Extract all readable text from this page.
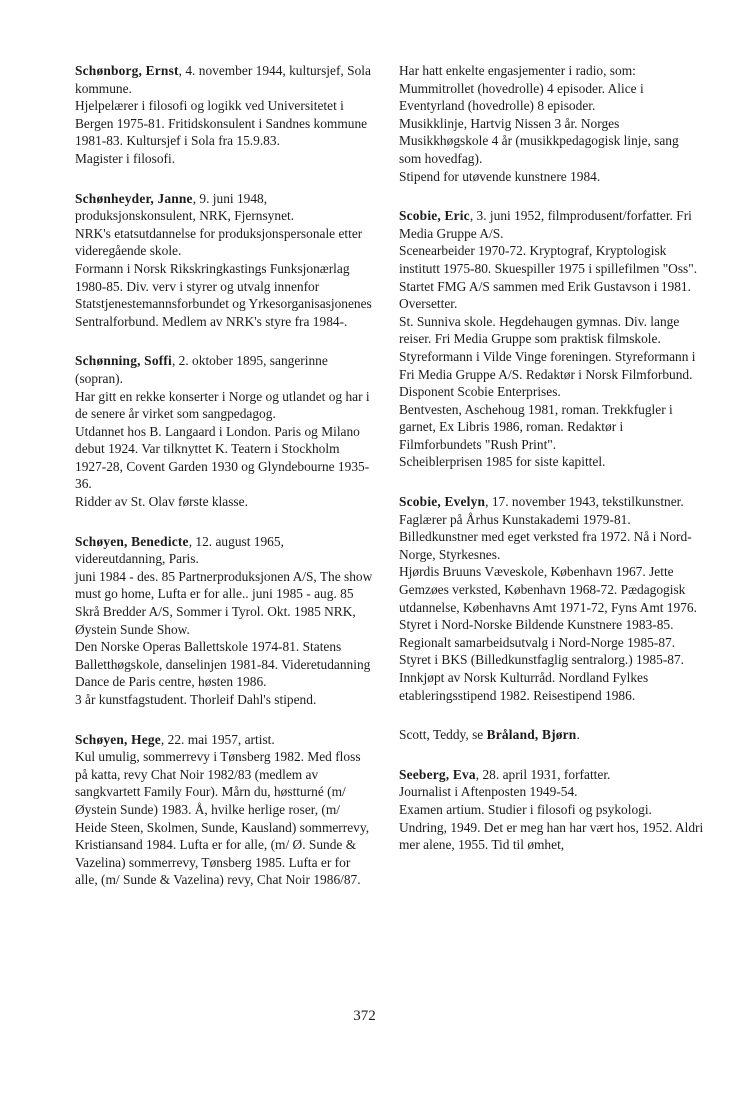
Schønborg, Ernst, 4. november 1944, kultursjef, Sola kommune.

Hjelpelærer i filosofi og logikk ved Universitetet i Bergen 1975-81. Fritidskonsulent i Sandnes kommune 1981-83. Kultursjef i Sola fra 15.9.83.

Magister i filosofi.

Schønheyder, Janne, 9. juni 1948, produksjonskonsulent, NRK, Fjernsynet.

NRK's etatsutdannelse for produksjonspersonale etter videregående skole.

Formann i Norsk Rikskringkastings Funksjonærlag 1980-85. Div. verv i styrer og utvalg innenfor Statstjenestemannsforbundet og Yrkesorganisasjonenes Sentralforbund. Medlem av NRK's styre fra 1984-.

Schønning, Soffi, 2. oktober 1895, sangerinne (sopran).

Har gitt en rekke konserter i Norge og utlandet og har i de senere år virket som sangpedagog.

Utdannet hos B. Langaard i London. Paris og Milano debut 1924. Var tilknyttet K. Teatern i Stockholm 1927-28, Covent Garden 1930 og Glyndebourne 1935-36.

Ridder av St. Olav første klasse.

Schøyen, Benedicte, 12. august 1965, videreutdanning, Paris.

juni 1984 - des. 85 Partnerproduksjonen A/S, The show must go home, Lufta er for alle.. juni 1985 - aug. 85 Skrå Bredder A/S, Sommer i Tyrol. Okt. 1985 NRK, Øystein Sunde Show.

Den Norske Operas Ballettskole 1974-81. Statens Balletthøgskole, danselinjen 1981-84. Videretudanning Dance de Paris centre, høsten 1986.

3 år kunstfagstudent. Thorleif Dahl's stipend.

Schøyen, Hege, 22. mai 1957, artist.

Kul umulig, sommerrevy i Tønsberg 1982. Med floss på katta, revy Chat Noir 1982/83 (medlem av sangkvartett Family Four). Mårn du, høstturné (m/ Øystein Sunde) 1983. Å, hvilke herlige roser, (m/ Heide Steen, Skolmen, Sunde, Kausland) sommerrevy, Kristiansand 1984. Lufta er for alle, (m/ Ø. Sunde & Vazelina) sommerrevy, Tønsberg 1985. Lufta er for alle, (m/ Sunde & Vazelina) revy, Chat Noir 1986/87.

Har hatt enkelte engasjementer i radio, som: Mummitrollet (hovedrolle) 4 episoder. Alice i Eventyrland (hovedrolle) 8 episoder.

Musikklinje, Hartvig Nissen 3 år. Norges Musikkhøgskole 4 år (musikkpedagogisk linje, sang som hovedfag).

Stipend for utøvende kunstnere 1984.

Scobie, Eric, 3. juni 1952, filmprodusent/forfatter. Fri Media Gruppe A/S.

Scenearbeider 1970-72. Kryptograf, Kryptologisk institutt 1975-80. Skuespiller 1975 i spillefilmen "Oss". Startet FMG A/S sammen med Erik Gustavson i 1981. Oversetter.

St. Sunniva skole. Hegdehaugen gymnas. Div. lange reiser. Fri Media Gruppe som praktisk filmskole.

Styreformann i Vilde Vinge foreningen. Styreformann i Fri Media Gruppe A/S. Redaktør i Norsk Filmforbund. Disponent Scobie Enterprises.

Bentvesten, Aschehoug 1981, roman. Trekkfugler i garnet, Ex Libris 1986, roman. Redaktør i Filmforbundets "Rush Print".

Scheiblerprisen 1985 for siste kapittel.

Scobie, Evelyn, 17. november 1943, tekstilkunstner.

Faglærer på Århus Kunstakademi 1979-81. Billedkunstner med eget verksted fra 1972. Nå i Nord-Norge, Styrkesnes.

Hjørdis Bruuns Væveskole, København 1967. Jette Gemzøes verksted, København 1968-72. Pædagogisk utdannelse, Københavns Amt 1971-72, Fyns Amt 1976.

Styret i Nord-Norske Bildende Kunstnere 1983-85. Regionalt samarbeidsutvalg i Nord-Norge 1985-87. Styret i BKS (Billedkunstfaglig sentralorg.) 1985-87.

Innkjøpt av Norsk Kulturråd. Nordland Fylkes etableringsstipend 1982. Reisestipend 1986.

Scott, Teddy, se Bråland, Bjørn.

Seeberg, Eva, 28. april 1931, forfatter.

Journalist i Aftenposten 1949-54.

Examen artium. Studier i filosofi og psykologi.

Undring, 1949. Det er meg han har vært hos, 1952. Aldri mer alene, 1955. Tid til ømhet,

372
